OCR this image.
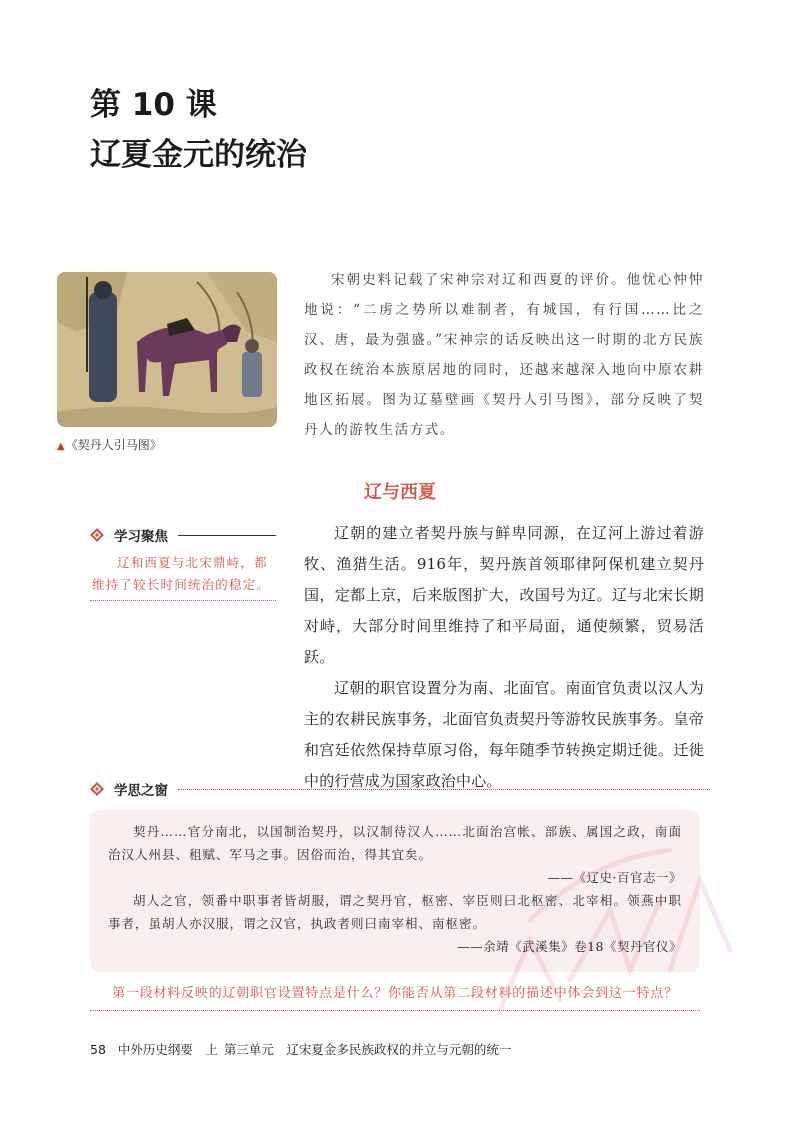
第 10 课
辽夏金元的统治
▲《契丹人引马图》
宋朝史料记载了宋神宗对辽和西夏的评价。他忧心忡忡地说：“二虏之势所以难制者，有城国，有行国……比之汉、唐，最为强盛。”宋神宗的话反映出这一时期的北方民族政权在统治本族原居地的同时，还越来越深入地向中原农耕地区拓展。图为辽墓壁画《契丹人引马图》，部分反映了契丹人的游牧生活方式。
辽与西夏
学习聚焦
辽和西夏与北宋鼎峙，都维持了较长时间统治的稳定。

辽朝的建立者契丹族与鲜卑同源，在辽河上游过着游牧、渔猎生活。916年，契丹族首领耶律阿保机建立契丹国，定都上京，后来版图扩大，改国号为辽。辽与北宋长期对峙，大部分时间里维持了和平局面，通使频繁，贸易活跃。

辽朝的职官设置分为南、北面官。南面官负责以汉人为主的农耕民族事务，北面官负责契丹等游牧民族事务。皇帝和宫廷依然保持草原习俗，每年随季节转换定期迁徙。迁徙中的行营成为国家政治中心。

学思之窗

契丹……官分南北，以国制治契丹，以汉制待汉人……北面治宫帐、部族、属国之政，南面治汉人州县、租赋、军马之事。因俗而治，得其宜矣。

——《辽史·百官志一》

胡人之官，领番中职事者皆胡服，谓之契丹官，枢密、宰臣则曰北枢密、北宰相。领燕中职事者，虽胡人亦汉服，谓之汉官，执政者则曰南宰相、南枢密。

——余靖《武溪集》卷18《契丹官仪》

第一段材料反映的辽朝职官设置特点是什么？你能否从第二段材料的描述中体会到这一特点？
58 中外历史纲要　上 第三单元　辽宋夏金多民族政权的并立与元朝的统一
